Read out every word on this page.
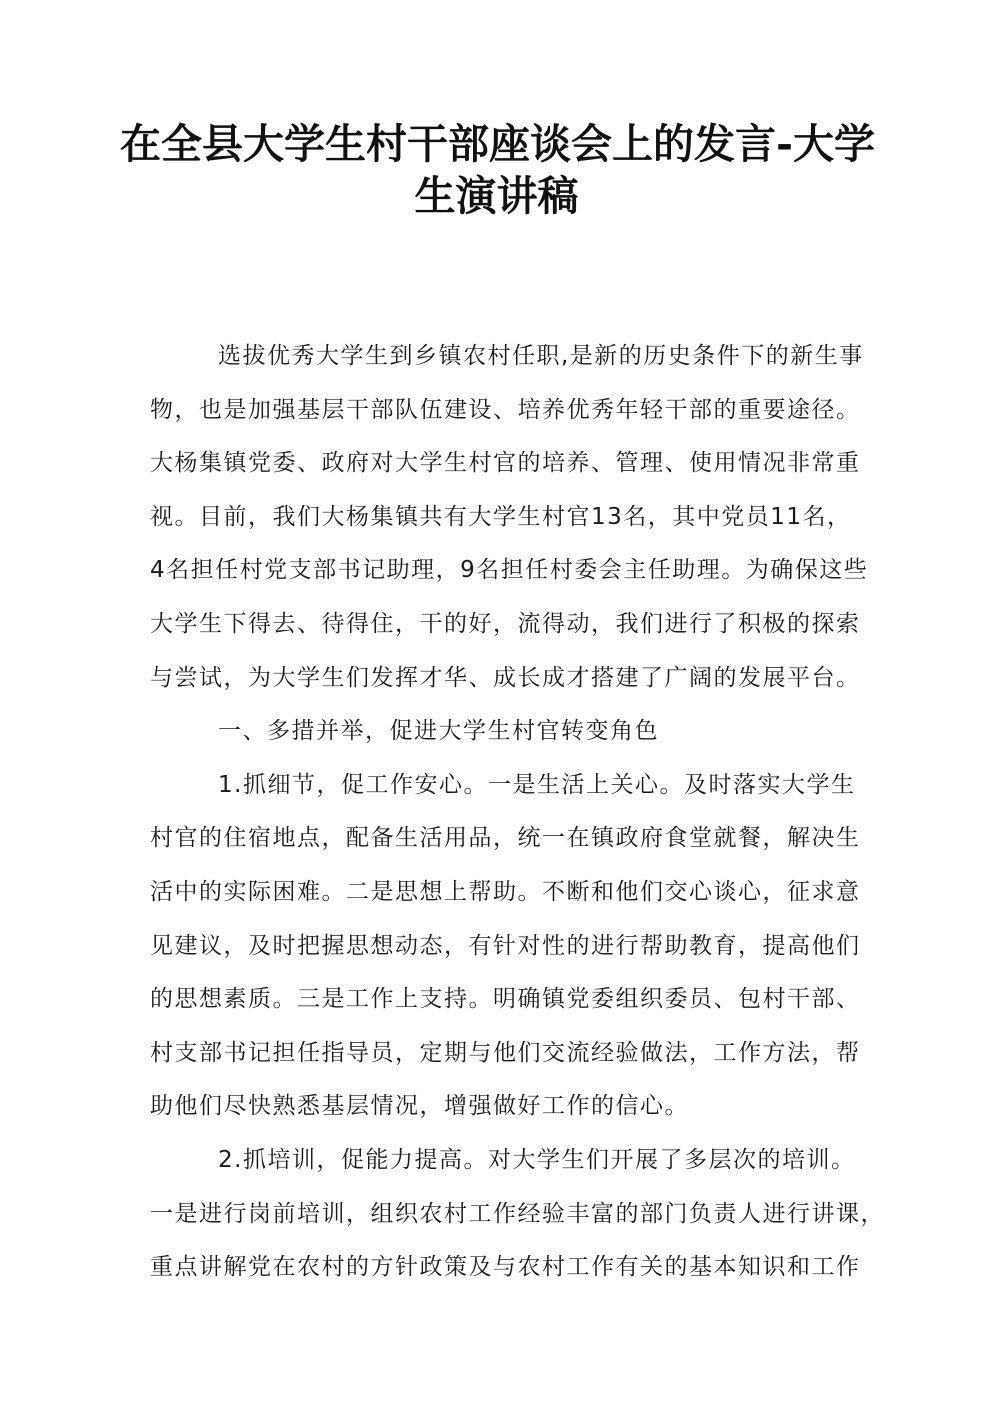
在全县大学生村干部座谈会上的发言-大学
生演讲稿
选拔优秀大学生到乡镇农村任职,是新的历史条件下的新生事
物，也是加强基层干部队伍建设、培养优秀年轻干部的重要途径。
大杨集镇党委、政府对大学生村官的培养、管理、使用情况非常重
视。目前，我们大杨集镇共有大学生村官13名，其中党员11名，
4名担任村党支部书记助理，9名担任村委会主任助理。为确保这些
大学生下得去、待得住，干的好，流得动，我们进行了积极的探索
与尝试，为大学生们发挥才华、成长成才搭建了广阔的发展平台。
一、多措并举，促进大学生村官转变角色
1.抓细节，促工作安心。一是生活上关心。及时落实大学生
村官的住宿地点，配备生活用品，统一在镇政府食堂就餐，解决生
活中的实际困难。二是思想上帮助。不断和他们交心谈心，征求意
见建议，及时把握思想动态，有针对性的进行帮助教育，提高他们
的思想素质。三是工作上支持。明确镇党委组织委员、包村干部、
村支部书记担任指导员，定期与他们交流经验做法，工作方法，帮
助他们尽快熟悉基层情况，增强做好工作的信心。
2.抓培训，促能力提高。对大学生们开展了多层次的培训。
一是进行岗前培训，组织农村工作经验丰富的部门负责人进行讲课，
重点讲解党在农村的方针政策及与农村工作有关的基本知识和工作
